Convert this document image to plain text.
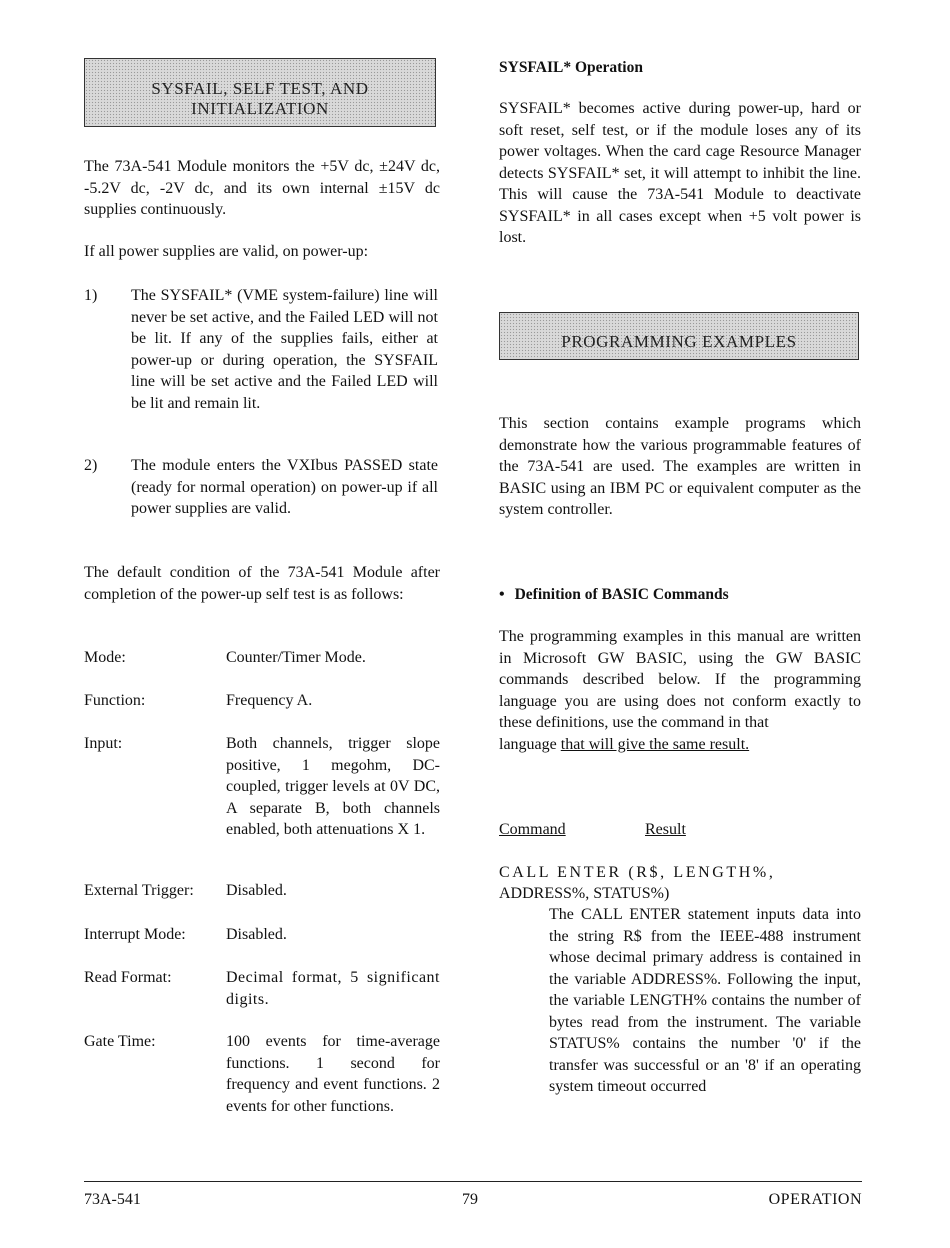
SYSFAIL, SELF TEST, AND
INITIALIZATION

The 73A-541 Module monitors the +5V dc, ±24V dc, -5.2V dc, -2V dc, and its own internal ±15V dc supplies continuously.

If all power supplies are valid, on power-up:

1) The SYSFAIL* (VME system-failure) line will never be set active, and the Failed LED will not be lit. If any of the supplies fails, either at power-up or during operation, the SYSFAIL line will be set active and the Failed LED will be lit and remain lit.

2) The module enters the VXIbus PASSED state (ready for normal operation) on power-up if all power supplies are valid.

The default condition of the 73A-541 Module after completion of the power-up self test is as follows:

Mode:	Counter/Timer Mode.

Function:	Frequency A.

Input:	Both channels, trigger slope positive, 1 megohm, DC-coupled, trigger levels at 0V DC, A separate B, both channels enabled, both attenuations X 1.

External Trigger: Disabled.

Interrupt Mode:	Disabled.

Read Format:	Decimal format, 5 significant digits.

Gate Time:	100 events for time-average functions. 1 second for frequency and event functions. 2 events for other functions.

SYSFAIL* Operation

SYSFAIL* becomes active during power-up, hard or soft reset, self test, or if the module loses any of its power voltages. When the card cage Resource Manager detects SYSFAIL* set, it will attempt to inhibit the line. This will cause the 73A-541 Module to deactivate SYSFAIL* in all cases except when +5 volt power is lost.

PROGRAMMING EXAMPLES

This section contains example programs which demonstrate how the various programmable features of the 73A-541 are used. The examples are written in BASIC using an IBM PC or equivalent computer as the system controller.

• Definition of BASIC Commands
The programming examples in this manual are written in Microsoft GW BASIC, using the GW BASIC commands described below. If the programming language you are using does not conform exactly to these definitions, use the command in that
language that will give the same result.
Command	Result

CALL ENTER (R$, LENGTH%,

ADDRESS%, STATUS%)

The CALL ENTER statement inputs data into the string R$ from the IEEE-488 instrument whose decimal primary address is contained in the variable ADDRESS%. Following the input, the variable LENGTH% contains the number of bytes read from the instrument. The variable STATUS% contains the number '0' if the transfer was successful or an '8' if an operating system timeout occurred

73A-541	79	OPERATION
